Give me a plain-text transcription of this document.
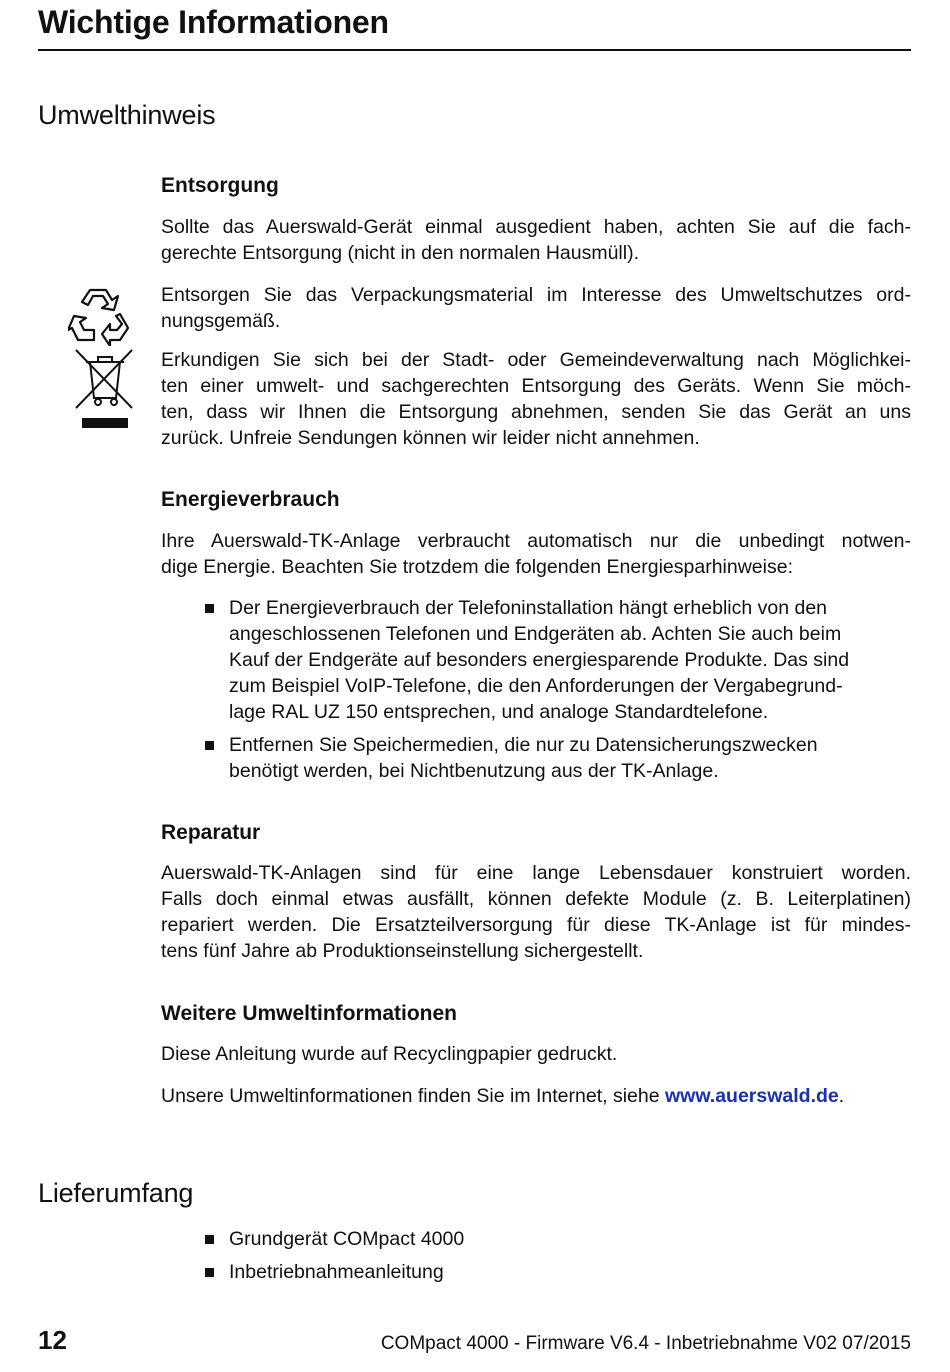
Wichtige Informationen
Umwelthinweis
Entsorgung

Sollte das Auerswald-Gerät einmal ausgedient haben, achten Sie auf die fach-
gerechte Entsorgung (nicht in den normalen Hausmüll).

Entsorgen Sie das Verpackungsmaterial im Interesse des Umweltschutzes ord-
nungsgemäß.

Erkundigen Sie sich bei der Stadt- oder Gemeindeverwaltung nach Möglichkei-
ten einer umwelt- und sachgerechten Entsorgung des Geräts. Wenn Sie möch-
ten, dass wir Ihnen die Entsorgung abnehmen, senden Sie das Gerät an uns
zurück. Unfreie Sendungen können wir leider nicht annehmen.

Energieverbrauch

Ihre Auerswald-TK-Anlage verbraucht automatisch nur die unbedingt notwen-
dige Energie. Beachten Sie trotzdem die folgenden Energiesparhinweise:

Der Energieverbrauch der Telefoninstallation hängt erheblich von den
angeschlossenen Telefonen und Endgeräten ab. Achten Sie auch beim
Kauf der Endgeräte auf besonders energiesparende Produkte. Das sind
zum Beispiel VoIP-Telefone, die den Anforderungen der Vergabegrund-
lage RAL UZ 150 entsprechen, und analoge Standardtelefone.
Entfernen Sie Speichermedien, die nur zu Datensicherungszwecken
benötigt werden, bei Nichtbenutzung aus der TK-Anlage.
Reparatur

Auerswald-TK-Anlagen sind für eine lange Lebensdauer konstruiert worden.
Falls doch einmal etwas ausfällt, können defekte Module (z. B. Leiterplatinen)
repariert werden. Die Ersatzteilversorgung für diese TK-Anlage ist für mindes-
tens fünf Jahre ab Produktionseinstellung sichergestellt.

Weitere Umweltinformationen

Diese Anleitung wurde auf Recyclingpapier gedruckt.

Unsere Umweltinformationen finden Sie im Internet, siehe www.auerswald.de.

Lieferumfang
Grundgerät COMpact 4000
Inbetriebnahmeanleitung
12	COMpact 4000 - Firmware V6.4 - Inbetriebnahme V02 07/2015
